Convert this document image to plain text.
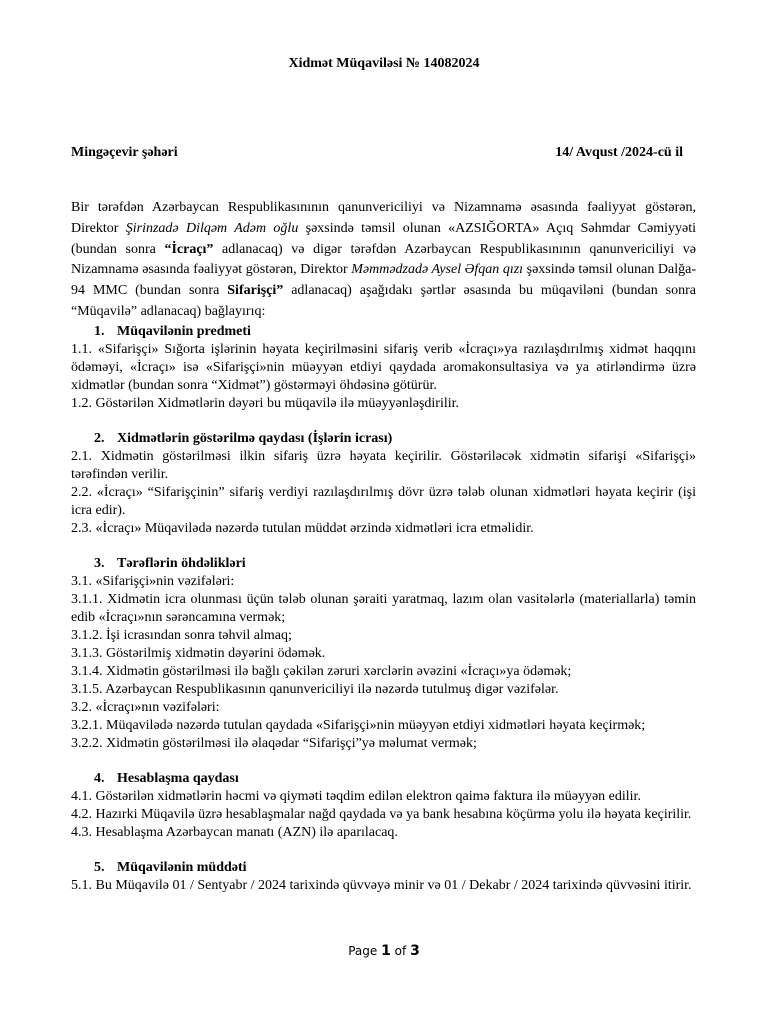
Xidmət Müqaviləsi № 14082024
Mingəçevir şəhəri	14/ Avqust /2024-cü il

Bir tərəfdən Azərbaycan Respublikasınının qanunvericiliyi və Nizamnamə əsasında fəaliyyət göstərən, Direktor Şirinzadə Dilqəm Adəm oğlu şəxsində təmsil olunan «AZSIĞORTA» Açıq Səhmdar Cəmiyyəti (bundan sonra “İcraçı” adlanacaq) və digər tərəfdən Azərbaycan Respublikasınının qanunvericiliyi və Nizamnamə əsasında fəaliyyət göstərən, Direktor Məmmədzadə Aysel Əfqan qızı şəxsində təmsil olunan Dalğa-94 MMC (bundan sonra Sifarişçi” adlanacaq) aşağıdakı şərtlər əsasında bu müqaviləni (bundan sonra “Müqavilə” adlanacaq) bağlayırıq:

1. Müqavilənin predmeti

1.1. «Sifarişçi» Sığorta işlərinin həyata keçirilməsini sifariş verib «İcraçı»ya razılaşdırılmış xidmət haqqını ödəməyi, «İcraçı» isə «Sifarişçi»nin müəyyən etdiyi qaydada aromakonsultasiya və ya ətirləndirmə üzrə xidmətlər (bundan sonra “Xidmət”) göstərməyi öhdəsinə götürür.

1.2. Göstərilən Xidmətlərin dəyəri bu müqavilə ilə müəyyənləşdirilir.

2. Xidmətlərin göstərilmə qaydası (İşlərin icrası)

2.1. Xidmətin göstərilməsi ilkin sifariş üzrə həyata keçirilir. Göstəriləcək xidmətin sifarişi «Sifarişçi» tərəfindən verilir.

2.2. «İcraçı» “Sifarişçinin” sifariş verdiyi razılaşdırılmış dövr üzrə tələb olunan xidmətləri həyata keçirir (işi icra edir).

2.3. «İcraçı» Müqavilədə nəzərdə tutulan müddət ərzində xidmətləri icra etməlidir.

3. Tərəflərin öhdəlikləri

3.1. «Sifarişçi»nin vəzifələri:

3.1.1. Xidmətin icra olunması üçün tələb olunan şəraiti yaratmaq, lazım olan vasitələrlə (materiallarla) təmin edib «İcraçı»nın sərəncamına vermək;

3.1.2. İşi icrasından sonra təhvil almaq;

3.1.3. Göstərilmiş xidmətin dəyərini ödəmək.

3.1.4. Xidmətin göstərilməsi ilə bağlı çəkilən zəruri xərclərin əvəzini «İcraçı»ya ödəmək;

3.1.5. Azərbaycan Respublikasının qanunvericiliyi ilə nəzərdə tutulmuş digər vəzifələr.

3.2. «İcraçı»nın vəzifələri:

3.2.1. Müqavilədə nəzərdə tutulan qaydada «Sifarişçi»nin müəyyən etdiyi xidmətləri həyata keçirmək;

3.2.2. Xidmətin göstərilməsi ilə əlaqədar “Sifarişçi”yə məlumat vermək;

4. Hesablaşma qaydası

4.1. Göstərilən xidmətlərin həcmi və qiyməti təqdim edilən elektron qaimə faktura ilə müəyyən edilir.

4.2. Hazırki Müqavilə üzrə hesablaşmalar nağd qaydada və ya bank hesabına köçürmə yolu ilə həyata keçirilir.

4.3. Hesablaşma Azərbaycan manatı (AZN) ilə aparılacaq.

5. Müqavilənin müddəti

5.1. Bu Müqavilə 01 / Sentyabr / 2024 tarixində qüvvəyə minir və 01 / Dekabr / 2024 tarixində qüvvəsini itirir.

Page 1 of 3
